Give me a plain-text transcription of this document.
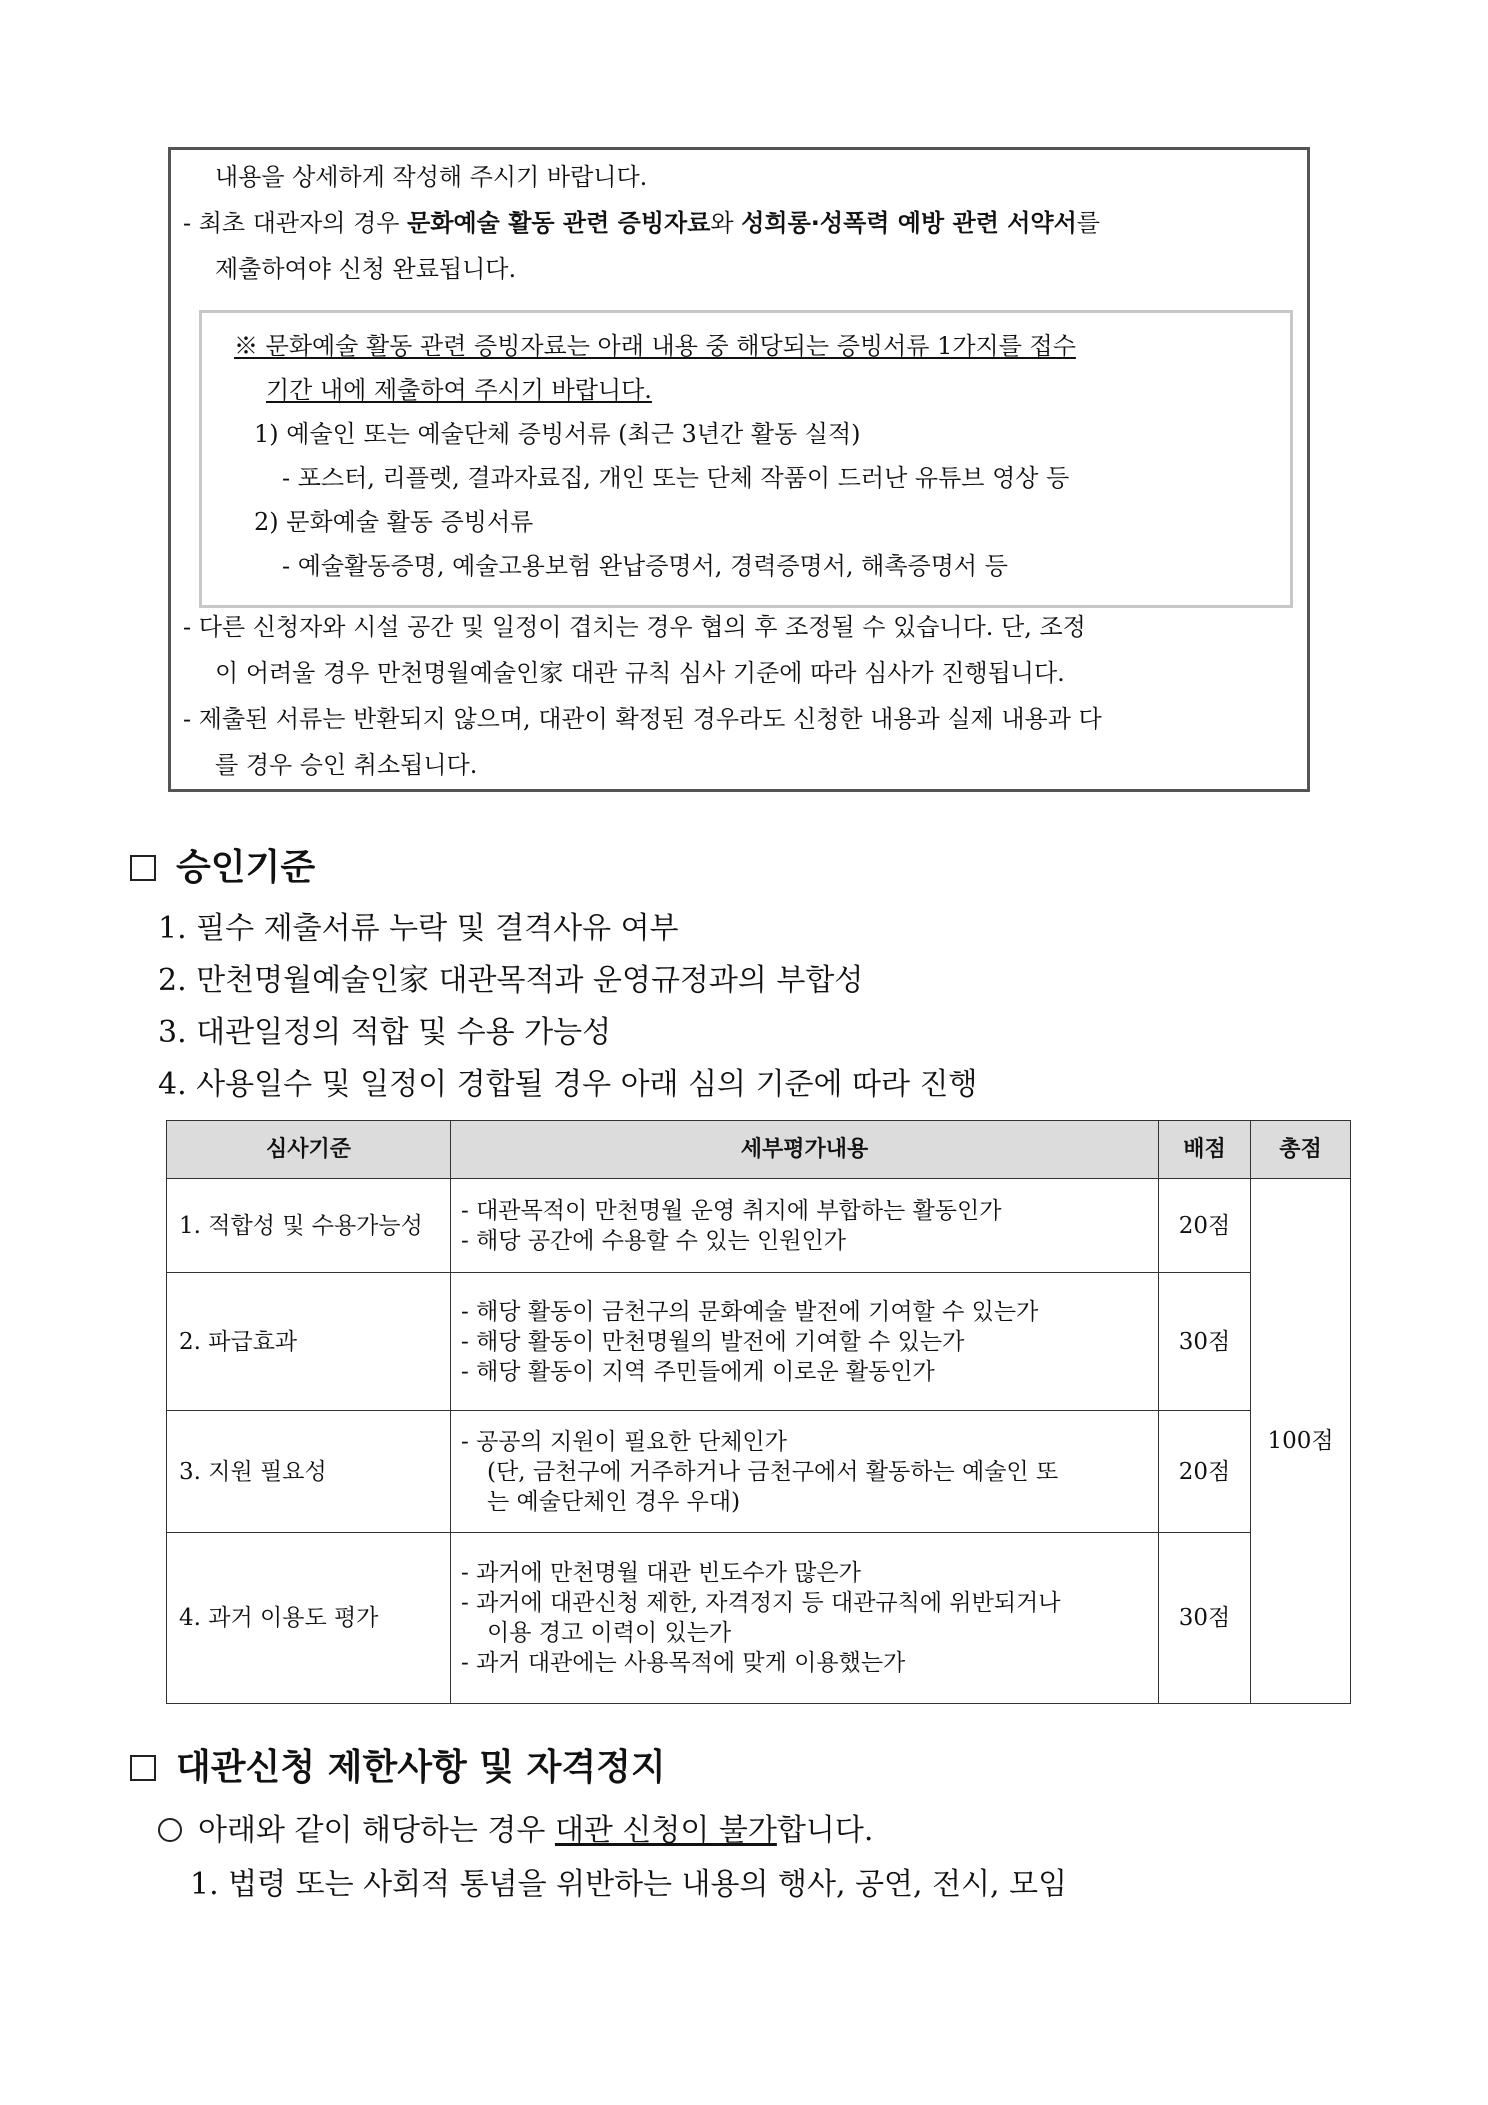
내용을 상세하게 작성해 주시기 바랍니다.
- 최초 대관자의 경우 문화예술 활동 관련 증빙자료와 성희롱·성폭력 예방 관련 서약서를
제출하여야 신청 완료됩니다.
※ 문화예술 활동 관련 증빙자료는 아래 내용 중 해당되는 증빙서류 1가지를 접수
기간 내에 제출하여 주시기 바랍니다.
1) 예술인 또는 예술단체 증빙서류 (최근 3년간 활동 실적)
- 포스터, 리플렛, 결과자료집, 개인 또는 단체 작품이 드러난 유튜브 영상 등
2) 문화예술 활동 증빙서류
- 예술활동증명, 예술고용보험 완납증명서, 경력증명서, 해촉증명서 등
- 다른 신청자와 시설 공간 및 일정이 겹치는 경우 협의 후 조정될 수 있습니다. 단, 조정
이 어려울 경우 만천명월예술인家 대관 규칙 심사 기준에 따라 심사가 진행됩니다.
- 제출된 서류는 반환되지 않으며, 대관이 확정된 경우라도 신청한 내용과 실제 내용과 다
를 경우 승인 취소됩니다.
승인기준
1. 필수 제출서류 누락 및 결격사유 여부
2. 만천명월예술인家 대관목적과 운영규정과의 부합성
3. 대관일정의 적합 및 수용 가능성
4. 사용일수 및 일정이 경합될 경우 아래 심의 기준에 따라 진행
심사기준	세부평가내용	배점	총점
1. 적합성 및 수용가능성	- 대관목적이 만천명월 운영 취지에 부합하는 활동인가
- 해당 공간에 수용할 수 있는 인원인가	20점	100점
2. 파급효과	- 해당 활동이 금천구의 문화예술 발전에 기여할 수 있는가
- 해당 활동이 만천명월의 발전에 기여할 수 있는가
- 해당 활동이 지역 주민들에게 이로운 활동인가	30점	
3. 지원 필요성	- 공공의 지원이 필요한 단체인가
(단, 금천구에 거주하거나 금천구에서 활동하는 예술인 또
는 예술단체인 경우 우대)	20점	
4. 과거 이용도 평가	- 과거에 만천명월 대관 빈도수가 많은가
- 과거에 대관신청 제한, 자격정지 등 대관규칙에 위반되거나
이용 경고 이력이 있는가
- 과거 대관에는 사용목적에 맞게 이용했는가	30점	
대관신청 제한사항 및 자격정지
아래와 같이 해당하는 경우 대관 신청이 불가합니다.
1. 법령 또는 사회적 통념을 위반하는 내용의 행사, 공연, 전시, 모임
